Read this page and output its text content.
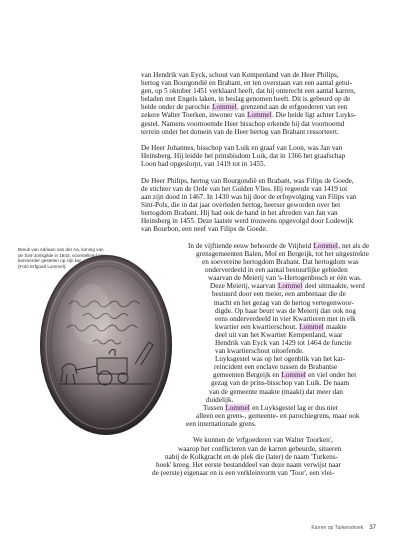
Breuk van Adriaan van der Aa, koning van
de Sint-Jorisgilde in 1843, voorstellend een
karvoerder gesteten op zijn kar
(Foto Erfgoed Lommel).

van Hendrik van Eyck, schout van Kempenland van de Heer Philips,
hertog van Bourgondië en Brabant, en ten overstaan van een aantal getui-
gen, op 5 oktober 1451 verklaard heeft, dat hij onterecht een aantal karren,
beladen met Engels laken, in beslag genomen heeft. Dit is gebeurd op de
heide onder de parochie Lommel, grenzend aan de erfgoederen van een
zekere Walter Toerken, inwoner van Lommel. Die heide ligt achter Luyks-
gestel. Namens voornoemde Heer bisschop erkende hij dat voornoemd
terrein onder het domein van de Heer hertog van Brabant ressorteert.

De Heer Johannes, bisschop van Luik en graaf van Loon, was Jan van
Heinsberg. Hij leidde het prinsbisdom Luik, dat in 1366 het graafschap
Loon had opgeslorpt, van 1419 tot in 1455.

De Heer Philips, hertog van Bourgondië en Brabant, was Filips de Goede,
de stichter van de Orde van het Gulden Vlies. Hij regeerde van 1419 tot
aan zijn dood in 1467. In 1430 was hij door de erfopvolging van Filips van
Sint-Pols, die in dat jaar overleden hertog, heerser geworden over het
hertogdom Brabant. Hij had ook de hand in het aftreden van Jan van
Heinsberg in 1455. Deze laatste werd trouwens opgevolgd door Lodewijk
van Bourbon, een neef van Filips de Goede.

In de vijftiende eeuw behoorde de Vrijheid Lommel, net als de
grensgemeenten Balen, Mol en Bergeijk, tot het uitgestrekte
en soevereine hertogdom Brabant. Dat hertogdom was
onderverdeeld in een aantal bestuurlijke gebieden
waarvan de Meierij van 's-Hertogenbosch er één was.
Deze Meierij, waarvan Lommel deel uitmaakte, werd
bestuurd door een meier, een ambtenaar die de
macht en het gezag van de hertog vertegenwoor-
digde. Op haar beurt was de Meierij dan ook nog
eens onderverdeeld in vier Kwartieren met in elk
kwartier een kwartierschout. Lommel maakte
deel uit van het Kwartier Kempenland, waar
Hendrik van Eyck van 1429 tot 1464 de functie
van kwartierschout uitoefende.
Luyksgestel was op het ogenblik van het kar-
reincident een enclave tussen de Brabantse
gemeenten Bergeijk en Lommel en viel onder het
gezag van de prins-bisschop van Luik. De naam
van de gemeente maakte (maakt) dat meer dan
duidelijk.
Tussen Lommel en Luyksgestel lag er dus niet
alleen een grens-, gemeente- en parochiegrens, maar ook
een internationale grens.

We kunnen de 'erfgoederen van Walter Toorken',
waarop het conflicteren van de karren gebeurde, situeren
nabij de Kolkgracht en de plek die (later) de naam 'Turkens-
hoek' kreeg. Het eerste bestanddeel van deze naam verwijst naar
de (eerste) eigenaar en is een verkleinvorm van 'Toor', een vlei-

Karren op Turkenshoek 37
